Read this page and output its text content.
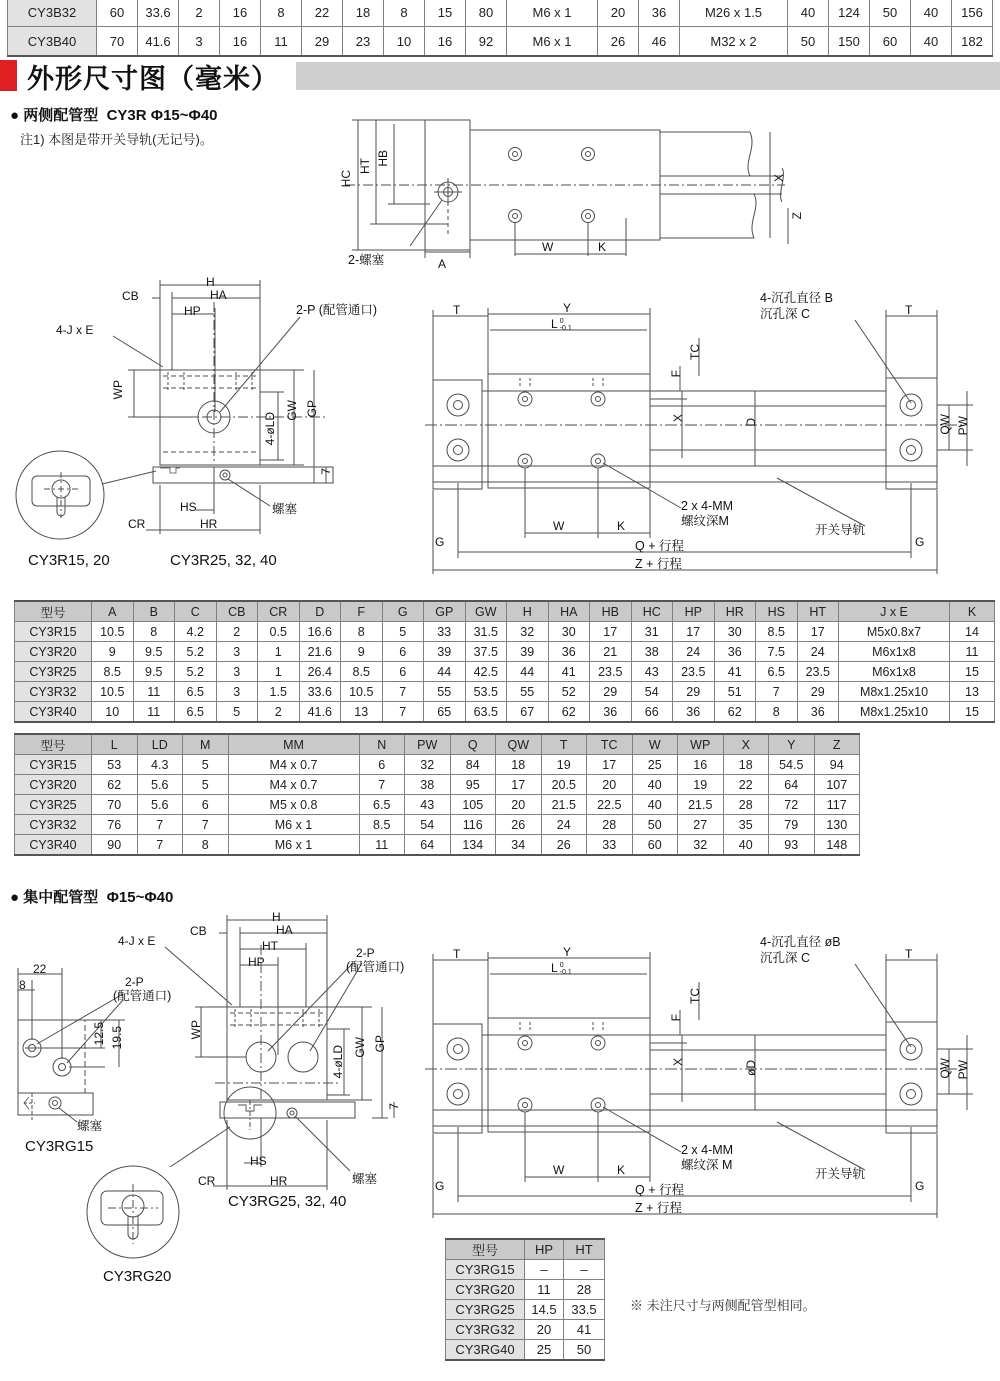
CY3B32	60	33.6	2	16	8	22	18	8	15	80	M6 x 1	20	36	M26 x 1.5	40	124	50	40	156
CY3B40	70	41.6	3	16	11	29	23	10	16	92	M6 x 1	26	46	M32 x 2	50	150	60	40	182
外形尺寸图（毫米）
● 两侧配管型 CY3R Φ15~Φ40
注1) 本图是带开关导轨(无记号)。
HC
HT HB
X
Z
A
W	K
2-螺塞
H
HA
HP
CB
4-J x E
2-P (配管通口)
WP
4-øLD
GW GP
7
HS
CR	HR
螺塞
CY3R15, 20	CY3R25, 32, 40
T	Y
L 0
-0.1
T
TC
F
X	D	QW PW
4-沉孔直径 B
沉孔深 C
2 x 4-MM
螺纹深M
开关导轨
G	G
Q + 行程
Z + 行程
W	K
型号	A	B	C	CB	CR	D	F	G	GP	GW	H	HA	HB	HC	HP	HR	HS	HT	J x E	K
CY3R15	10.5	8	4.2	2	0.5	16.6	8	5	33	31.5	32	30	17	31	17	30	8.5	17	M5x0.8x7	14
CY3R20	9	9.5	5.2	3	1	21.6	9	6	39	37.5	39	36	21	38	24	36	7.5	24	M6x1x8	11
CY3R25	8.5	9.5	5.2	3	1	26.4	8.5	6	44	42.5	44	41	23.5	43	23.5	41	6.5	23.5	M6x1x8	15
CY3R32	10.5	11	6.5	3	1.5	33.6	10.5	7	55	53.5	55	52	29	54	29	51	7	29	M8x1.25x10	13
CY3R40	10	11	6.5	5	2	41.6	13	7	65	63.5	67	62	36	66	36	62	8	36	M8x1.25x10	15
型号	L	LD	M	MM	N	PW	Q	QW	T	TC	W	WP	X	Y	Z
CY3R15	53	4.3	5	M4 x 0.7	6	32	84	18	19	17	25	16	18	54.5	94
CY3R20	62	5.6	5	M4 x 0.7	7	38	95	17	20.5	20	40	19	22	64	107
CY3R25	70	5.6	6	M5 x 0.8	6.5	43	105	20	21.5	22.5	40	21.5	28	72	117
CY3R32	76	7	7	M6 x 1	8.5	54	116	26	24	28	50	27	35	79	130
CY3R40	90	7	8	M6 x 1	11	64	134	34	26	33	60	32	40	93	148
● 集中配管型 Φ15~Φ40
22
8	2-P
(配管通口)
12.5 19.5
螺塞
CY3RG15
H
HA
HT
HP
CB
4-J x E
2-P
(配管通口)
WP
4-øLD GW GP
7
HS
CR	HR	螺塞
CY3RG20
CY3RG25, 32, 40
T	Y
L 0
-0.1
T
TC
F
X	øD	QW PW
4-沉孔直径 øB
沉孔深 C
2 x 4-MM
螺纹深 M
开关导轨
G	G
Q + 行程
Z + 行程
W	K
型号	HP	HT
CY3RG15	–	–
CY3RG20	11	28
CY3RG25	14.5	33.5
CY3RG32	20	41
CY3RG40	25	50
※ 未注尺寸与两侧配管型相同。
